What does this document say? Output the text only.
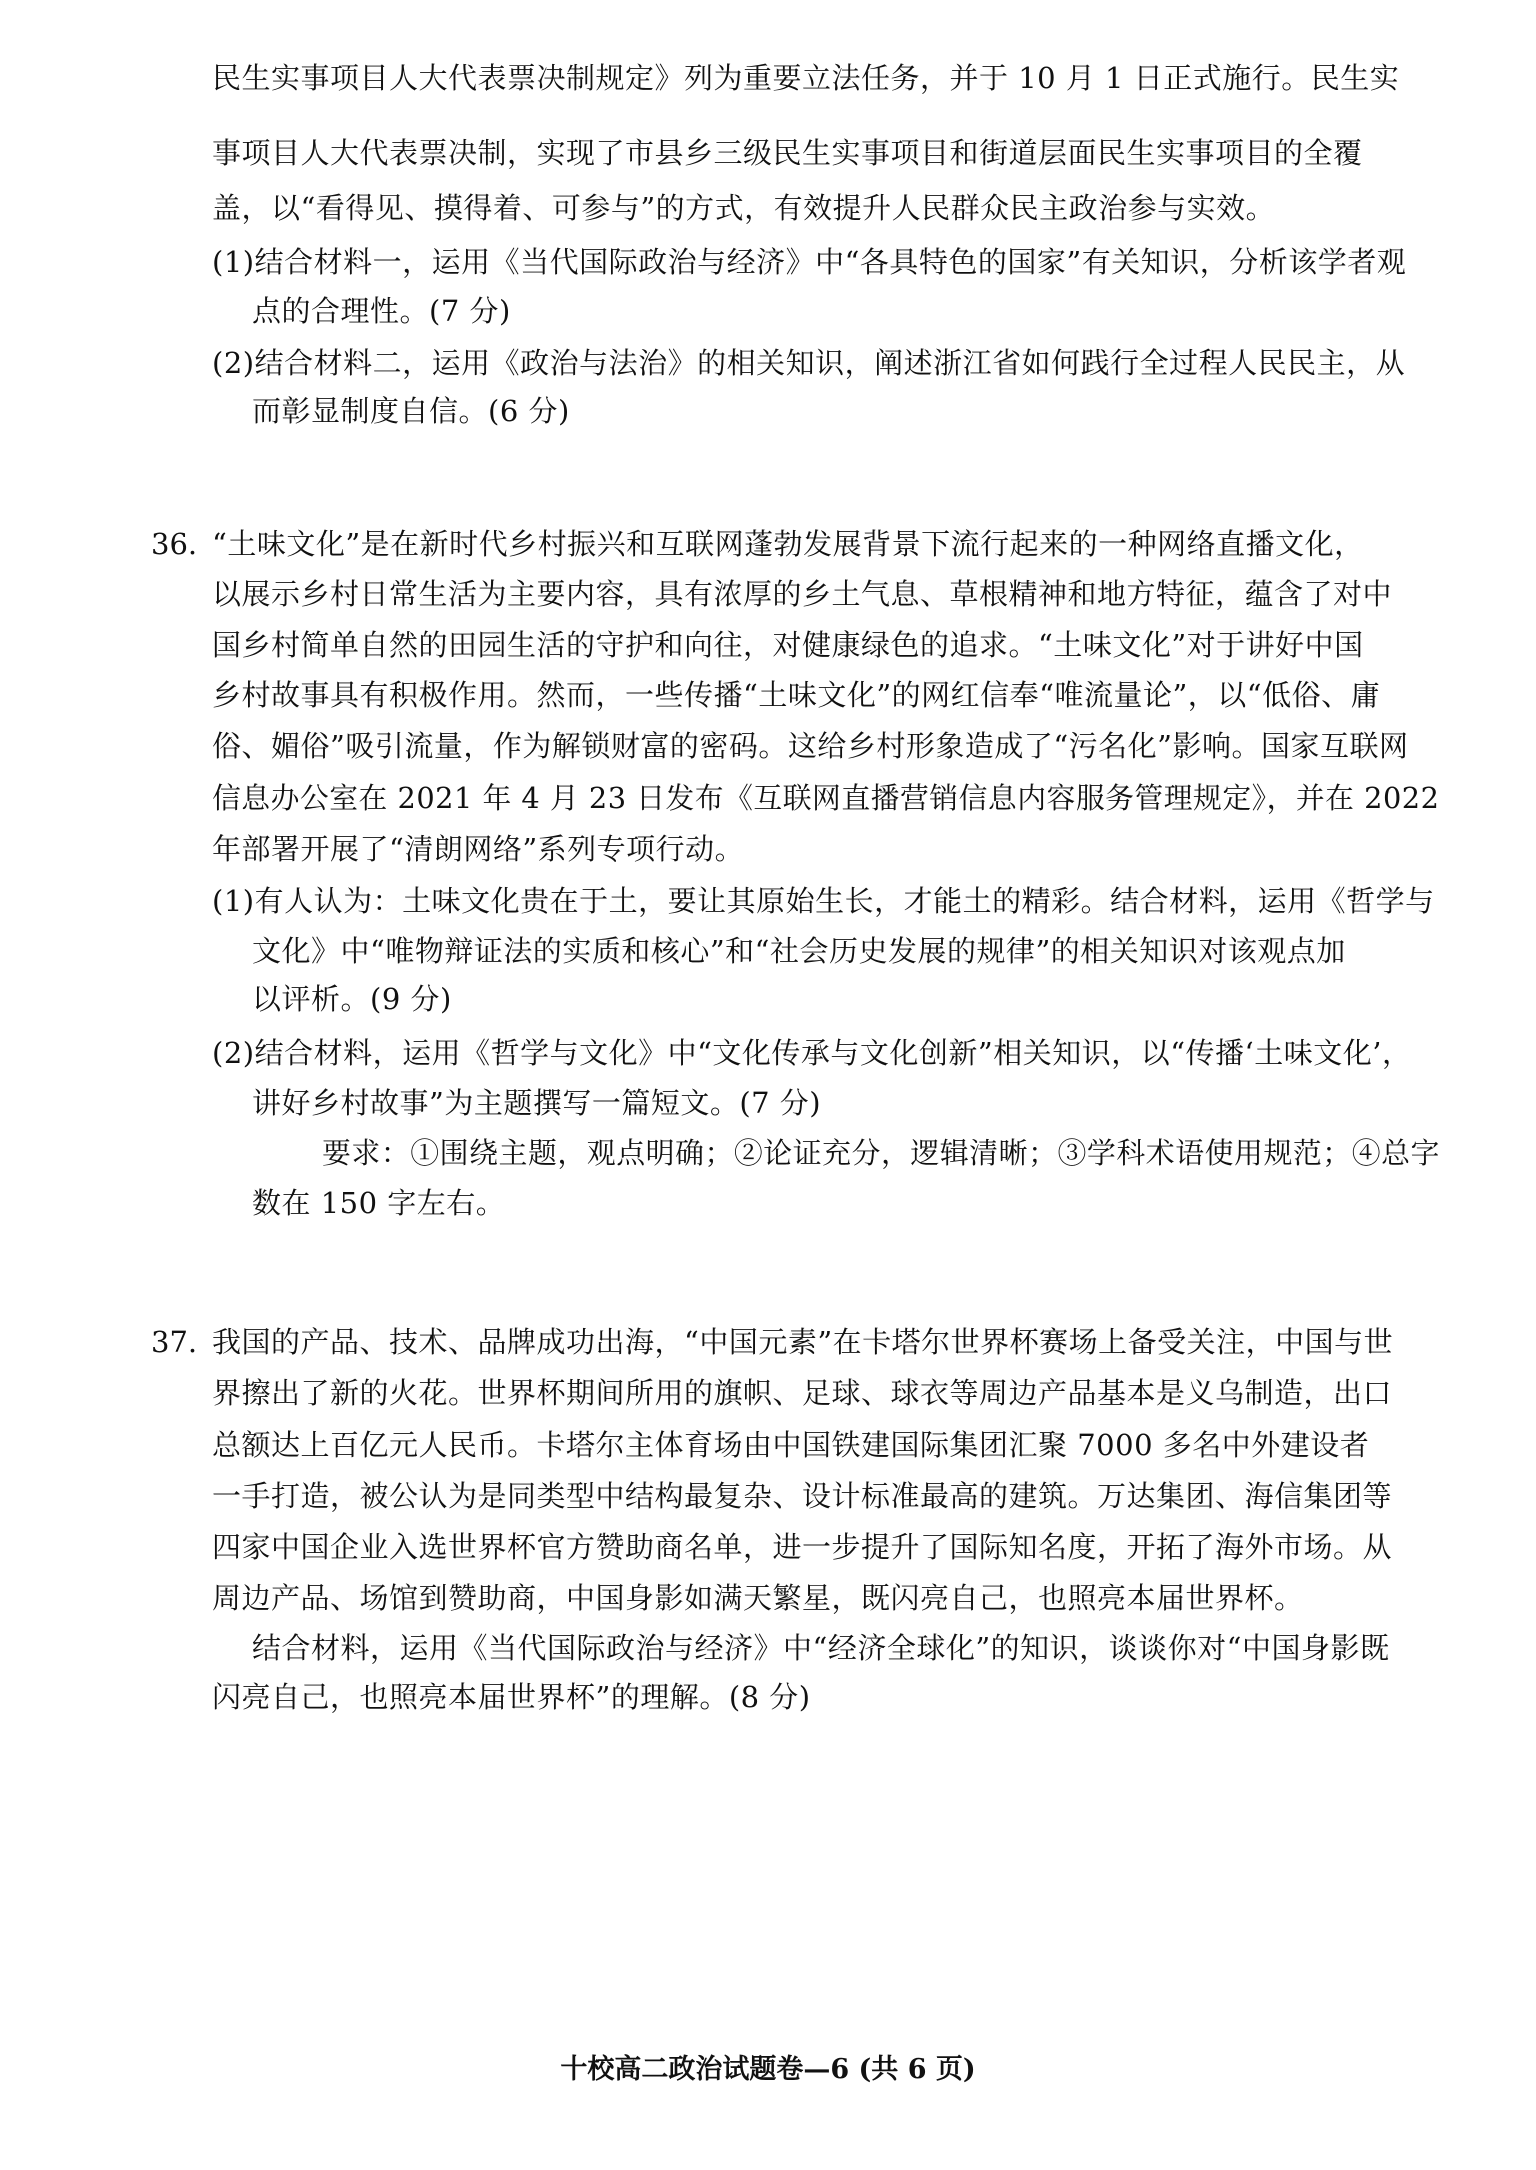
民生实事项目人大代表票决制规定》列为重要立法任务，并于 10 月 1 日正式施行。民生实
事项目人大代表票决制，实现了市县乡三级民生实事项目和街道层面民生实事项目的全覆
盖，以“看得见、摸得着、可参与”的方式，有效提升人民群众民主政治参与实效。
(1)结合材料一，运用《当代国际政治与经济》中“各具特色的国家”有关知识，分析该学者观
点的合理性。(7 分)
(2)结合材料二，运用《政治与法治》的相关知识，阐述浙江省如何践行全过程人民民主，从
而彰显制度自信。(6 分)
36. “土味文化”是在新时代乡村振兴和互联网蓬勃发展背景下流行起来的一种网络直播文化，
以展示乡村日常生活为主要内容，具有浓厚的乡土气息、草根精神和地方特征，蕴含了对中
国乡村简单自然的田园生活的守护和向往，对健康绿色的追求。“土味文化”对于讲好中国
乡村故事具有积极作用。然而，一些传播“土味文化”的网红信奉“唯流量论”，以“低俗、庸
俗、媚俗”吸引流量，作为解锁财富的密码。这给乡村形象造成了“污名化”影响。国家互联网
信息办公室在 2021 年 4 月 23 日发布《互联网直播营销信息内容服务管理规定》，并在 2022
年部署开展了“清朗网络”系列专项行动。
(1)有人认为：土味文化贵在于土，要让其原始生长，才能土的精彩。结合材料，运用《哲学与
文化》中“唯物辩证法的实质和核心”和“社会历史发展的规律”的相关知识对该观点加
以评析。(9 分)
(2)结合材料，运用《哲学与文化》中“文化传承与文化创新”相关知识，以“传播‘土味文化’，
讲好乡村故事”为主题撰写一篇短文。(7 分)
要求：①围绕主题，观点明确；②论证充分，逻辑清晰；③学科术语使用规范；④总字
数在 150 字左右。
37. 我国的产品、技术、品牌成功出海，“中国元素”在卡塔尔世界杯赛场上备受关注，中国与世
界擦出了新的火花。世界杯期间所用的旗帜、足球、球衣等周边产品基本是义乌制造，出口
总额达上百亿元人民币。卡塔尔主体育场由中国铁建国际集团汇聚 7000 多名中外建设者
一手打造，被公认为是同类型中结构最复杂、设计标准最高的建筑。万达集团、海信集团等
四家中国企业入选世界杯官方赞助商名单，进一步提升了国际知名度，开拓了海外市场。从
周边产品、场馆到赞助商，中国身影如满天繁星，既闪亮自己，也照亮本届世界杯。
结合材料，运用《当代国际政治与经济》中“经济全球化”的知识，谈谈你对“中国身影既
闪亮自己，也照亮本届世界杯”的理解。(8 分)
十校高二政治试题卷—6 (共 6 页)
